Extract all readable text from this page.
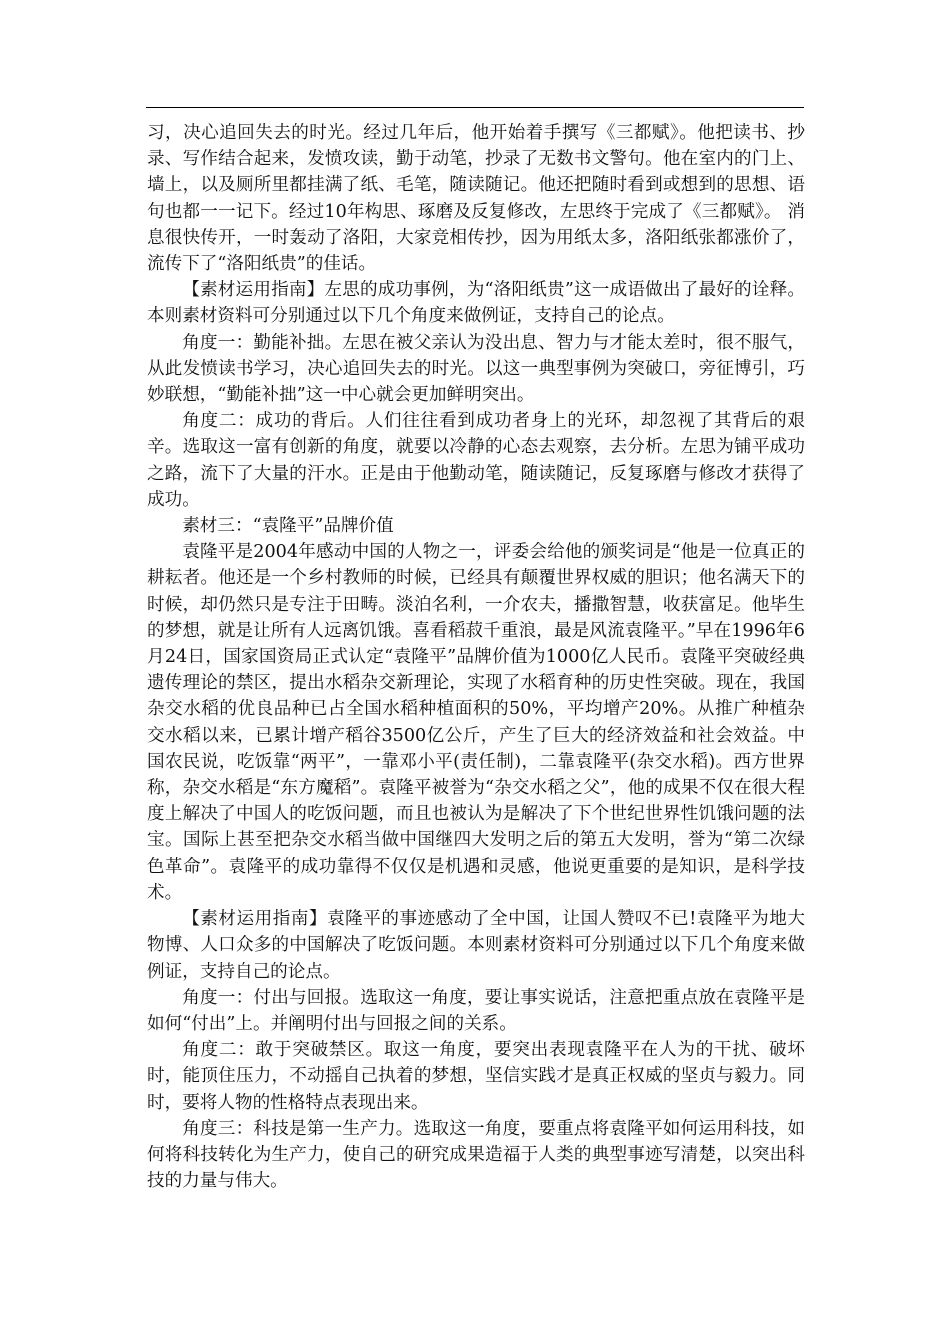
习，决心追回失去的时光。经过几年后，他开始着手撰写《三都赋》。他把读书、抄录、写作结合起来，发愤攻读，勤于动笔，抄录了无数书文警句。他在室内的门上、墙上，以及厕所里都挂满了纸、毛笔，随读随记。他还把随时看到或想到的思想、语句也都一一记下。经过10年构思、琢磨及反复修改，左思终于完成了《三都赋》。 消息很快传开，一时轰动了洛阳，大家竞相传抄，因为用纸太多，洛阳纸张都涨价了，流传下了“洛阳纸贵”的佳话。

【素材运用指南】左思的成功事例，为“洛阳纸贵”这一成语做出了最好的诠释。本则素材资料可分别通过以下几个角度来做例证，支持自己的论点。

角度一：勤能补拙。左思在被父亲认为没出息、智力与才能太差时，很不服气，从此发愤读书学习，决心追回失去的时光。以这一典型事例为突破口，旁征博引，巧妙联想，“勤能补拙”这一中心就会更加鲜明突出。

角度二：成功的背后。人们往往看到成功者身上的光环，却忽视了其背后的艰辛。选取这一富有创新的角度，就要以冷静的心态去观察，去分析。左思为铺平成功之路，流下了大量的汗水。正是由于他勤动笔，随读随记，反复琢磨与修改才获得了成功。

素材三：“袁隆平”品牌价值

袁隆平是2004年感动中国的人物之一，评委会给他的颁奖词是“他是一位真正的耕耘者。他还是一个乡村教师的时候，已经具有颠覆世界权威的胆识；他名满天下的时候，却仍然只是专注于田畴。淡泊名利，一介农夫，播撒智慧，收获富足。他毕生的梦想，就是让所有人远离饥饿。喜看稻菽千重浪，最是风流袁隆平。”早在1996年6月24日，国家国资局正式认定“袁隆平”品牌价值为1000亿人民币。袁隆平突破经典遗传理论的禁区，提出水稻杂交新理论，实现了水稻育种的历史性突破。现在，我国杂交水稻的优良品种已占全国水稻种植面积的50%，平均增产20%。从推广种植杂交水稻以来，已累计增产稻谷3500亿公斤，产生了巨大的经济效益和社会效益。中国农民说，吃饭靠“两平”，一靠邓小平(责任制)，二靠袁隆平(杂交水稻)。西方世界称，杂交水稻是“东方魔稻”。袁隆平被誉为“杂交水稻之父”，他的成果不仅在很大程度上解决了中国人的吃饭问题，而且也被认为是解决了下个世纪世界性饥饿问题的法宝。国际上甚至把杂交水稻当做中国继四大发明之后的第五大发明，誉为“第二次绿色革命”。袁隆平的成功靠得不仅仅是机遇和灵感，他说更重要的是知识，是科学技术。

【素材运用指南】袁隆平的事迹感动了全中国，让国人赞叹不已!袁隆平为地大物博、人口众多的中国解决了吃饭问题。本则素材资料可分别通过以下几个角度来做例证，支持自己的论点。

角度一：付出与回报。选取这一角度，要让事实说话，注意把重点放在袁隆平是如何“付出”上。并阐明付出与回报之间的关系。

角度二：敢于突破禁区。取这一角度，要突出表现袁隆平在人为的干扰、破坏时，能顶住压力，不动摇自己执着的梦想，坚信实践才是真正权威的坚贞与毅力。同时，要将人物的性格特点表现出来。

角度三：科技是第一生产力。选取这一角度，要重点将袁隆平如何运用科技，如何将科技转化为生产力，使自己的研究成果造福于人类的典型事迹写清楚，以突出科技的力量与伟大。
